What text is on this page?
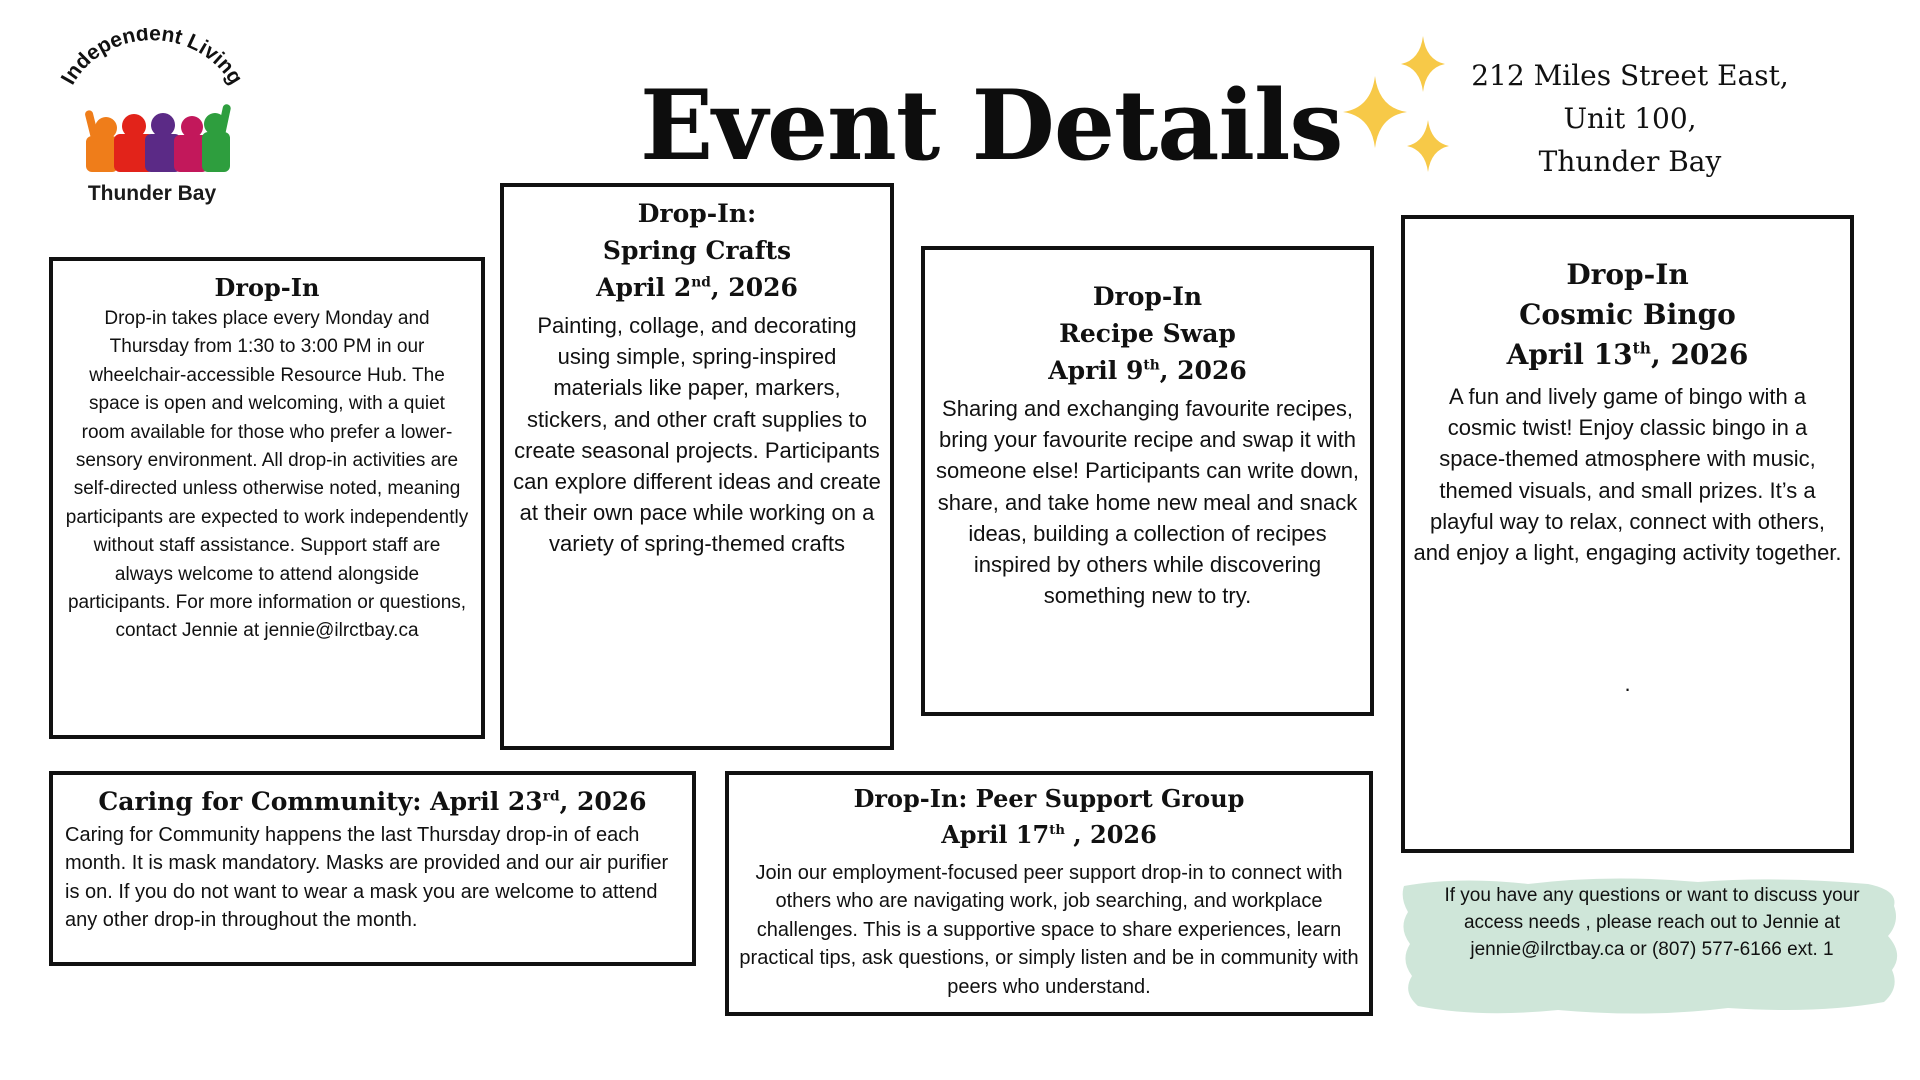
Independent Living
Thunder Bay
Event Details	212 Miles Street East,
Unit 100,
Thunder Bay
Drop-In

Drop-in takes place every Monday and Thursday from 1:30 to 3:00 PM in our wheelchair-accessible Resource Hub. The space is open and welcoming, with a quiet room available for those who prefer a lower-sensory environment. All drop-in activities are self-directed unless otherwise noted, meaning participants are expected to work independently without staff assistance. Support staff are always welcome to attend alongside participants. For more information or questions, contact Jennie at jennie@ilrctbay.ca

Drop-In:
Spring Crafts
April 2nd, 2026

Painting, collage, and decorating using simple, spring-inspired materials like paper, markers, stickers, and other craft supplies to create seasonal projects. Participants can explore different ideas and create at their own pace while working on a variety of spring-themed crafts

Drop-In
Recipe Swap
April 9th, 2026

Sharing and exchanging favourite recipes, bring your favourite recipe and swap it with someone else! Participants can write down, share, and take home new meal and snack ideas, building a collection of recipes inspired by others while discovering something new to try.

Drop-In
Cosmic Bingo
April 13th, 2026

A fun and lively game of bingo with a cosmic twist! Enjoy classic bingo in a space-themed atmosphere with music, themed visuals, and small prizes. It’s a playful way to relax, connect with others, and enjoy a light, engaging activity together.

.

Caring for Community: April 23rd, 2026

Caring for Community happens the last Thursday drop-in of each month. It is mask mandatory. Masks are provided and our air purifier is on. If you do not want to wear a mask you are welcome to attend any other drop-in throughout the month.

Drop-In: Peer Support Group
April 17th , 2026

Join our employment-focused peer support drop-in to connect with others who are navigating work, job searching, and workplace challenges. This is a supportive space to share experiences, learn practical tips, ask questions, or simply listen and be in community with peers who understand.

If you have any questions or want to discuss your access needs , please reach out to Jennie at jennie@ilrctbay.ca or (807) 577-6166 ext. 1
